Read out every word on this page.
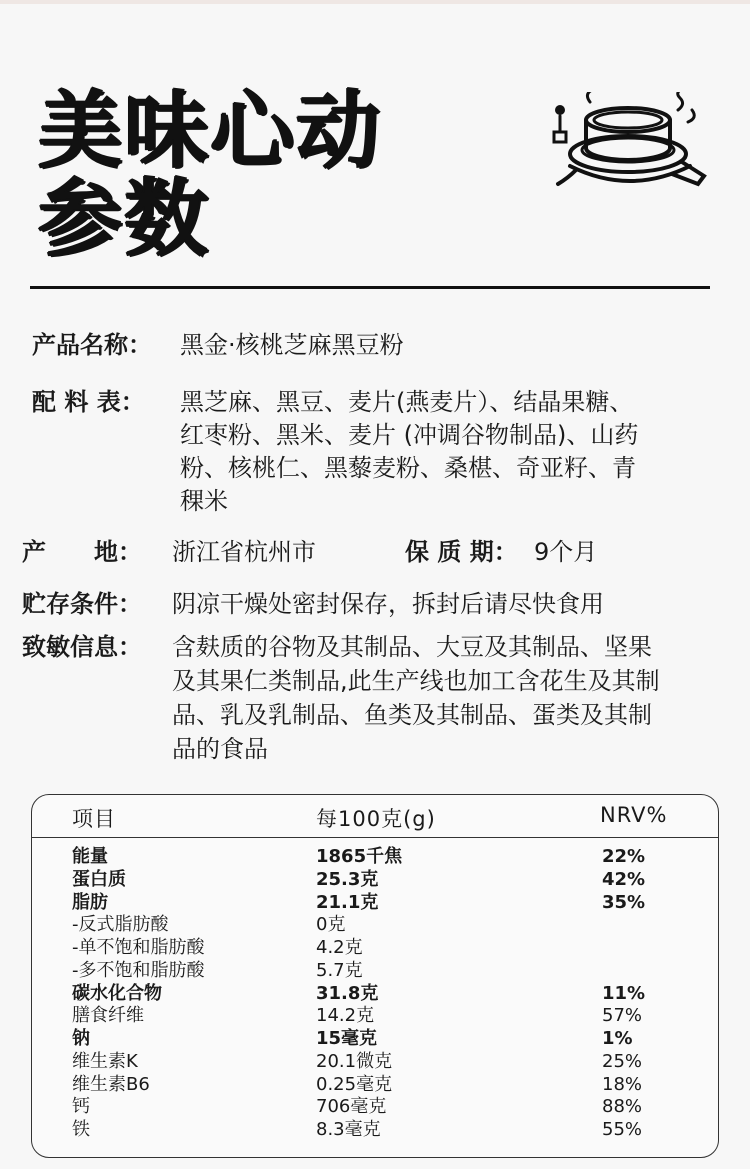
美味心动
参数
产品名称： 黑金·核桃芝麻黑豆粉
配 料 表： 黑芝麻、黑豆、麦片(燕麦片）、结晶果糖、
红枣粉、黑米、麦片 (冲调谷物制品)、山药
粉、核桃仁、黑藜麦粉、桑椹、奇亚籽、青
稞米
产　　地： 浙江省杭州市	保 质 期： 9个月
贮存条件： 阴凉干燥处密封保存，拆封后请尽快食用
致敏信息： 含麸质的谷物及其制品、大豆及其制品、坚果
及其果仁类制品,此生产线也加工含花生及其制
品、乳及乳制品、鱼类及其制品、蛋类及其制
品的食品
项目	每100克(g)	NRV%
能量	1865千焦	22%
蛋白质	25.3克	42%
脂肪	21.1克	35%
-反式脂肪酸	0克
-单不饱和脂肪酸	4.2克
-多不饱和脂肪酸	5.7克
碳水化合物	31.8克	11%
膳食纤维	14.2克	57%
钠	15毫克	1%
维生素K	20.1微克	25%
维生素B6	0.25毫克	18%
钙	706毫克	88%
铁	8.3毫克	55%
